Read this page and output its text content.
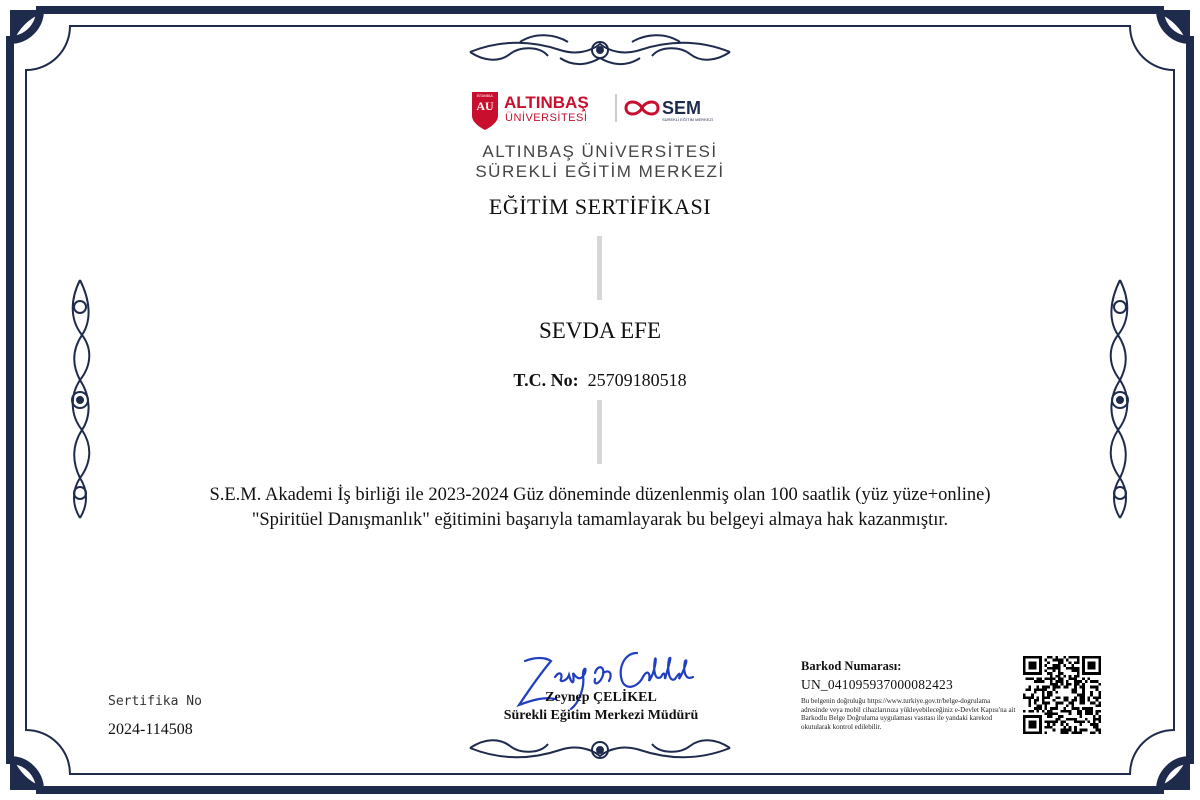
AU
İSTANBUL ALTINBAŞ
ÜNİVERSİTESİ	SEM
SÜREKLİ EĞİTİM MERKEZİ
ALTINBAŞ ÜNİVERSİTESİ
SÜREKLİ EĞİTİM MERKEZİ
EĞİTİM SERTİFİKASI
SEVDA EFE
T.C. No: 25709180518
S.E.M. Akademi İş birliği ile 2023-2024 Güz döneminde düzenlenmiş olan 100 saatlik (yüz yüze+online)
"Spiritüel Danışmanlık" eğitimini başarıyla tamamlayarak bu belgeyi almaya hak kazanmıştır.
Zeynep ÇELİKEL
Sürekli Eğitim Merkezi Müdürü
Sertifika No
2024-114508
Barkod Numarası:
UN_041095937000082423
Bu belgenin doğruluğu https://www.turkiye.gov.tr/belge-dogrulama adresinde veya mobil cihazlarınıza yükleyebileceğiniz e-Devlet Kapısı'na ait Barkodlu Belge Doğrulama uygulaması vasıtası ile yandaki karekod okutularak kontrol edilebilir.
